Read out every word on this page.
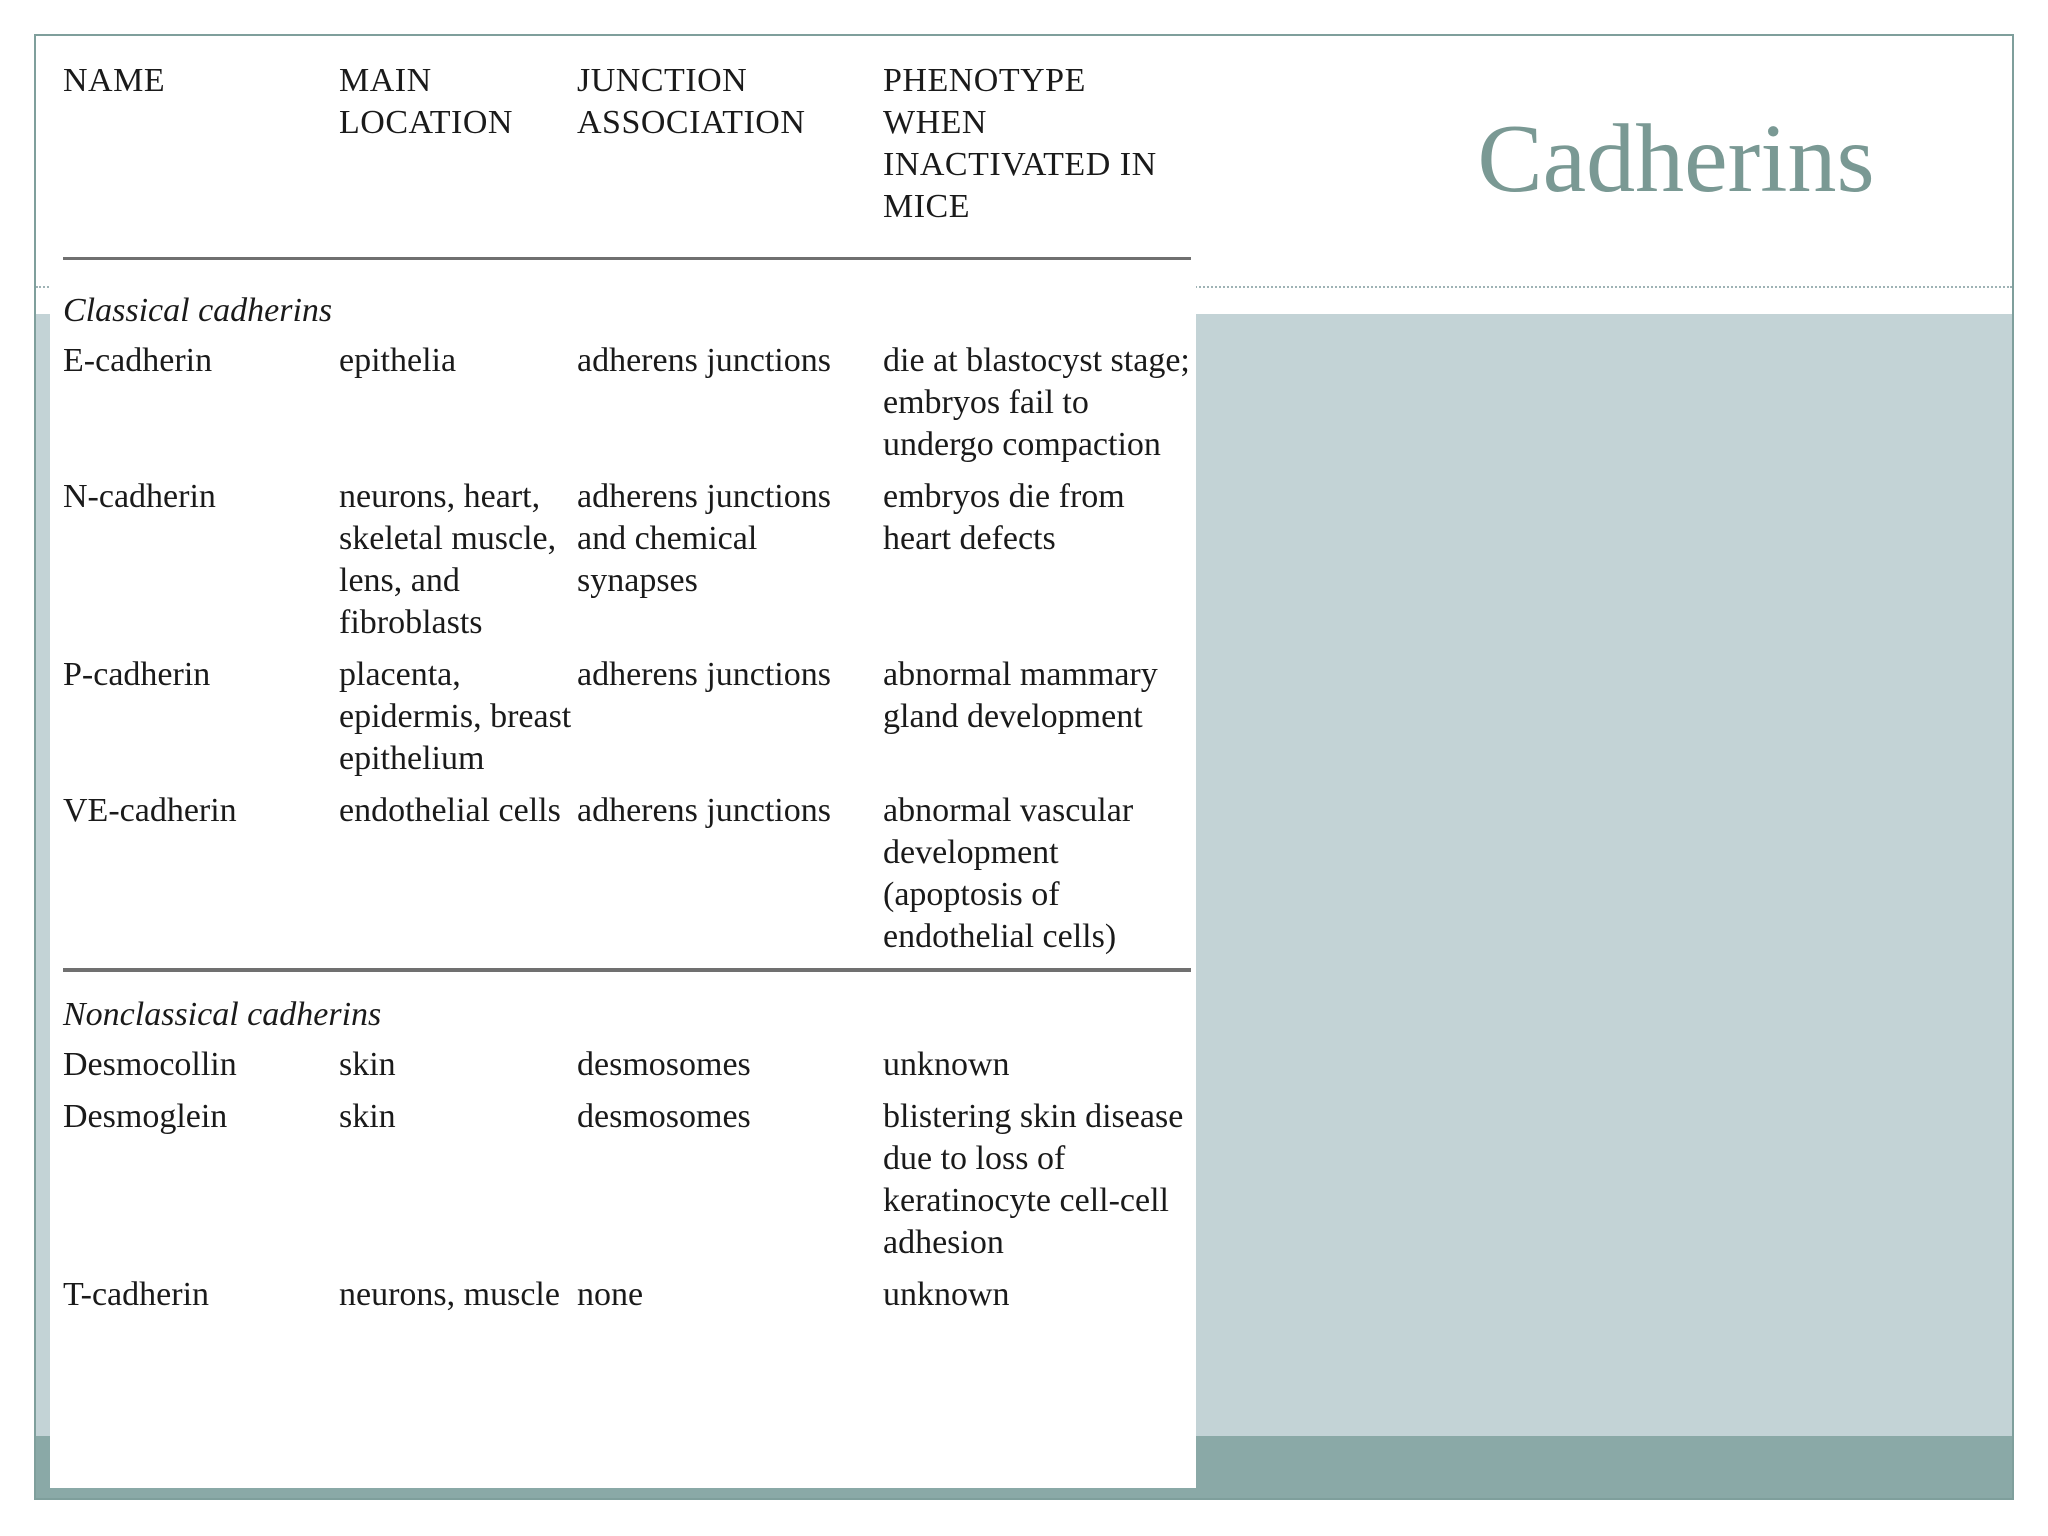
Cadherins
NAME	MAIN LOCATION	JUNCTION ASSOCIATION	PHENOTYPE WHEN INACTIVATED IN MICE
Classical cadherins			
E-cadherin	epithelia	adherens junctions	die at blastocyst stage; embryos fail to undergo compaction
N-cadherin	neurons, heart, skeletal muscle, lens, and fibroblasts	adherens junctions and chemical synapses	embryos die from heart defects
P-cadherin	placenta, epidermis, breast epithelium	adherens junctions	abnormal mammary gland development
VE-cadherin	endothelial cells	adherens junctions	abnormal vascular development (apoptosis of endothelial cells)
Nonclassical cadherins			
Desmocollin	skin	desmosomes	unknown
Desmoglein	skin	desmosomes	blistering skin disease due to loss of keratinocyte cell-cell adhesion
T-cadherin	neurons, muscle	none	unknown
